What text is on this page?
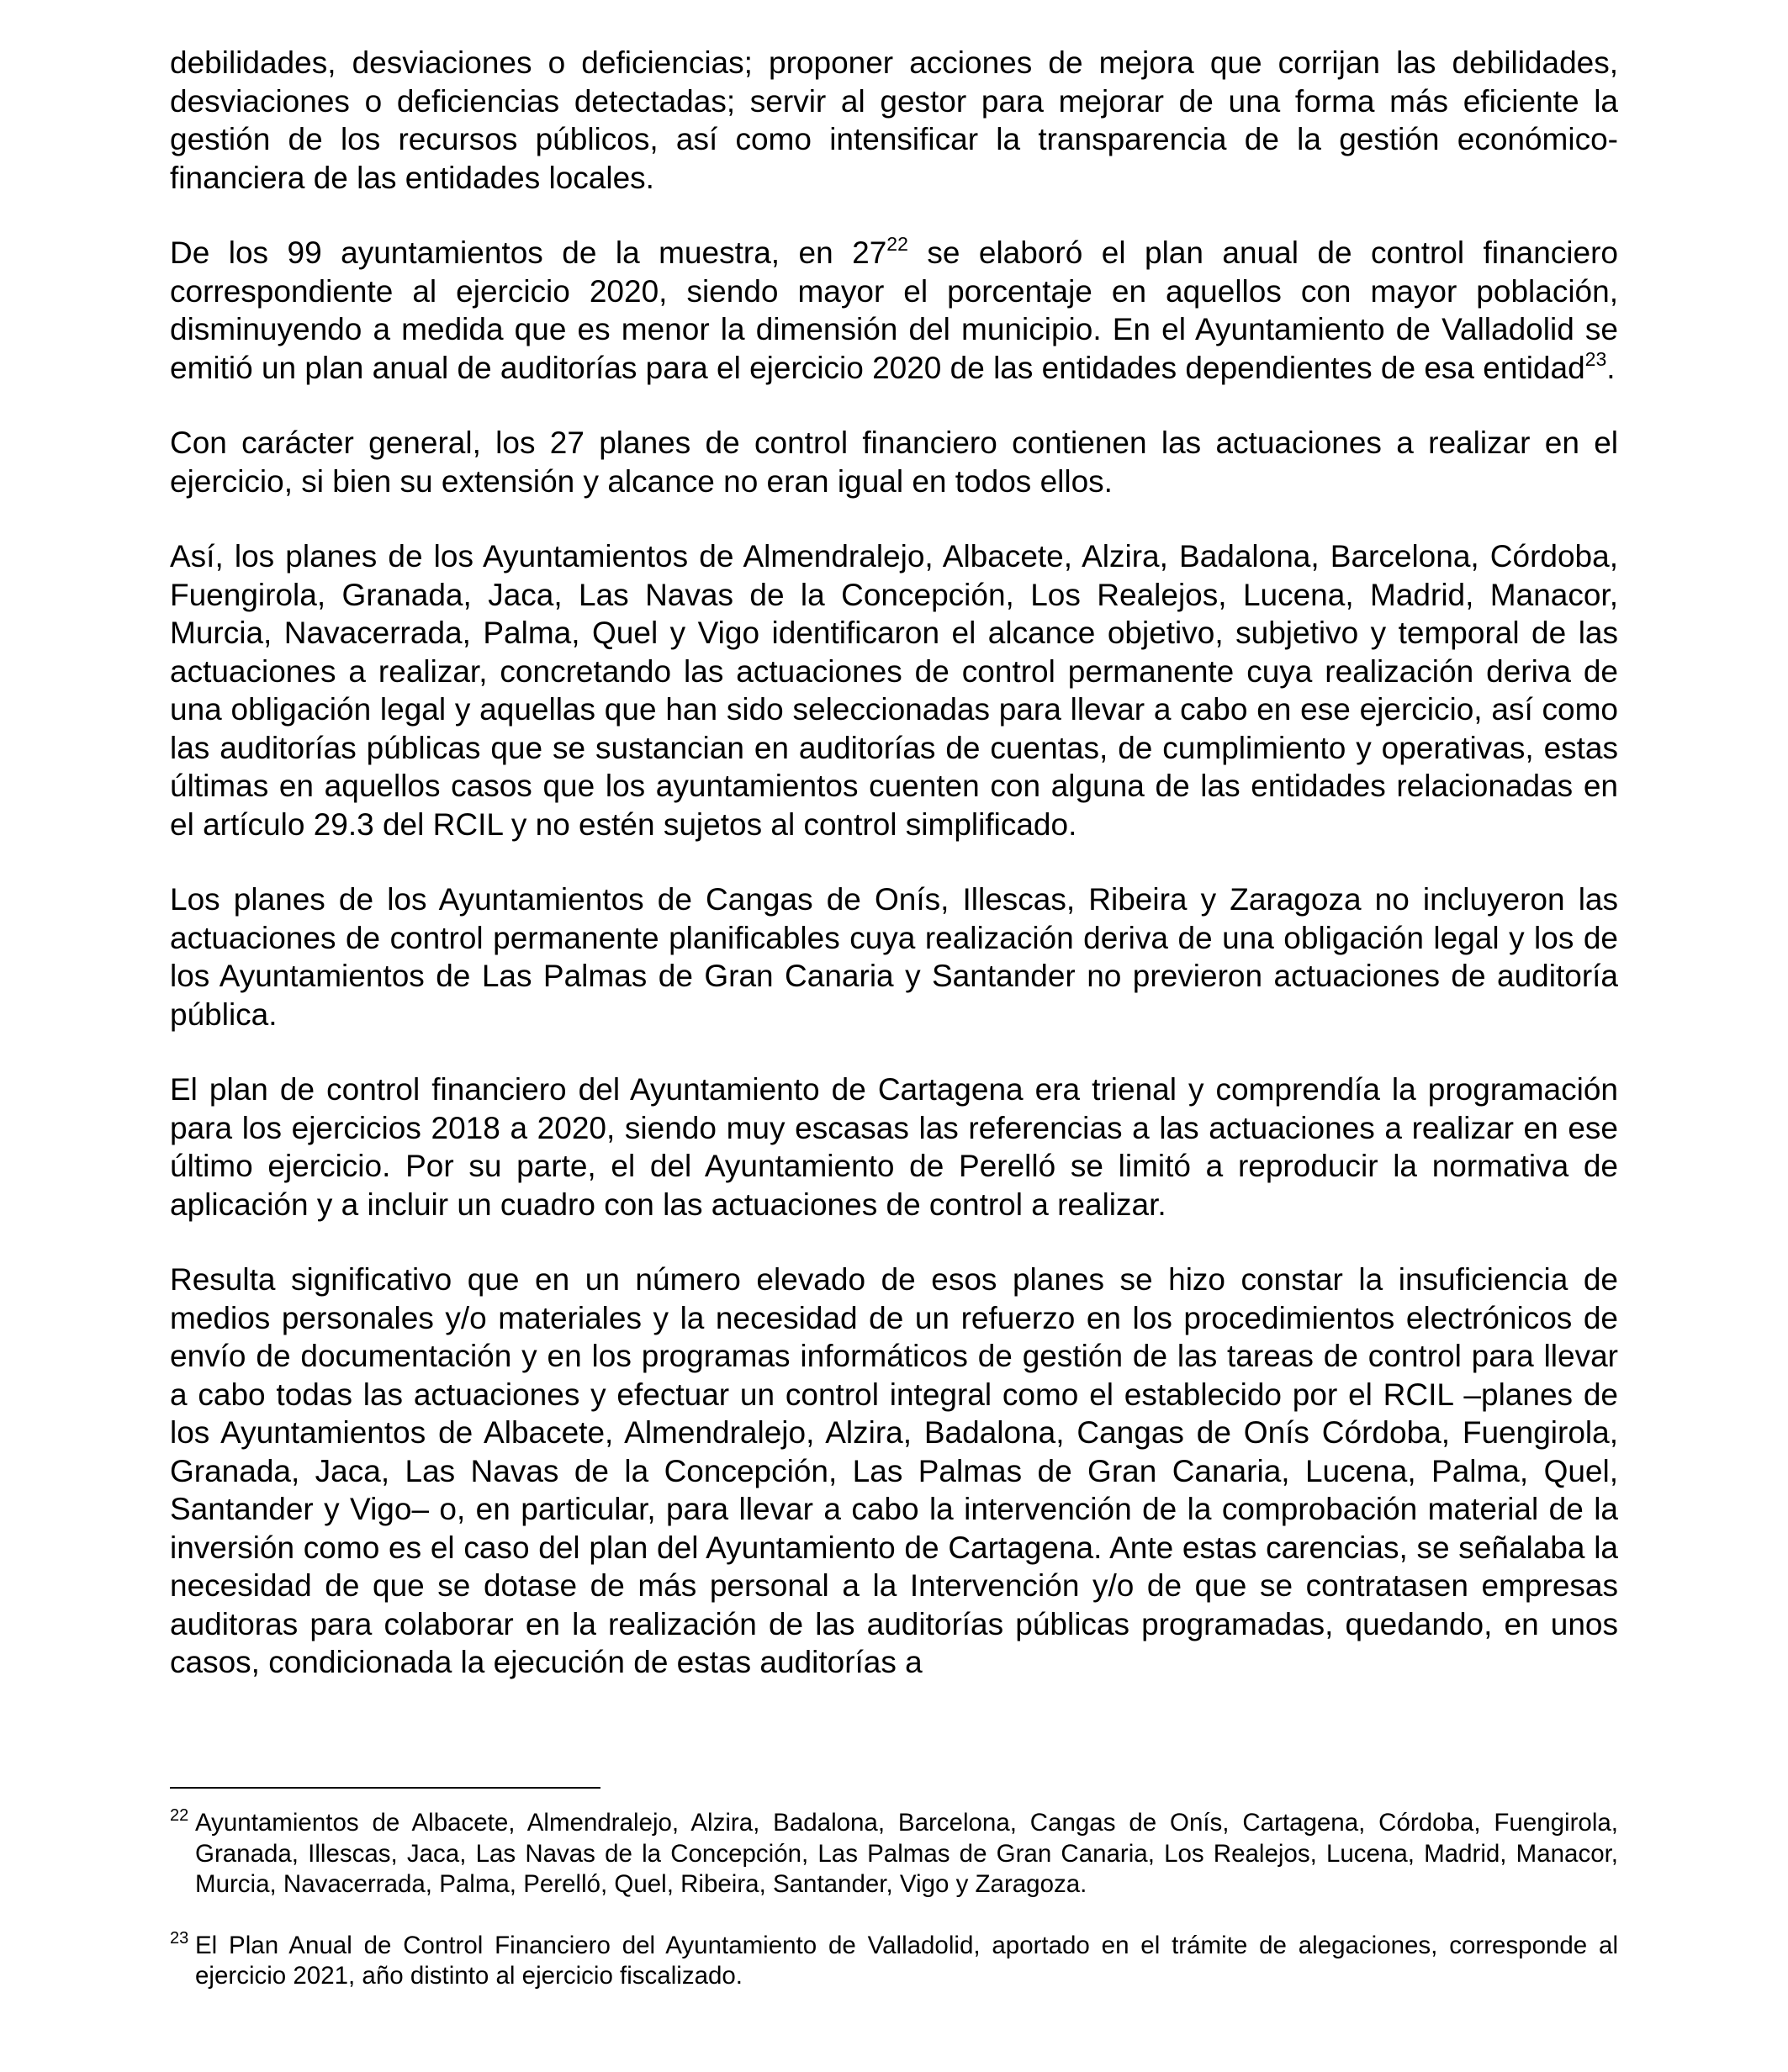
debilidades, desviaciones o deficiencias; proponer acciones de mejora que corrijan las debilidades, desviaciones o deficiencias detectadas; servir al gestor para mejorar de una forma más eficiente la gestión de los recursos públicos, así como intensificar la transparencia de la gestión económico-financiera de las entidades locales.

De los 99 ayuntamientos de la muestra, en $27^{22}$ se elaboró el plan anual de control financiero correspondiente al ejercicio 2020, siendo mayor el porcentaje en aquellos con mayor población, disminuyendo a medida que es menor la dimensión del municipio. En el Ayuntamiento de Valladolid se emitió un plan anual de auditorías para el ejercicio 2020 de las entidades dependientes de esa entidad$^{23}$.

Con carácter general, los 27 planes de control financiero contienen las actuaciones a realizar en el ejercicio, si bien su extensión y alcance no eran igual en todos ellos.

Así, los planes de los Ayuntamientos de Almendralejo, Albacete, Alzira, Badalona, Barcelona, Córdoba, Fuengirola, Granada, Jaca, Las Navas de la Concepción, Los Realejos, Lucena, Madrid, Manacor, Murcia, Navacerrada, Palma, Quel y Vigo identificaron el alcance objetivo, subjetivo y temporal de las actuaciones a realizar, concretando las actuaciones de control permanente cuya realización deriva de una obligación legal y aquellas que han sido seleccionadas para llevar a cabo en ese ejercicio, así como las auditorías públicas que se sustancian en auditorías de cuentas, de cumplimiento y operativas, estas últimas en aquellos casos que los ayuntamientos cuenten con alguna de las entidades relacionadas en el artículo 29.3 del RCIL y no estén sujetos al control simplificado.

Los planes de los Ayuntamientos de Cangas de Onís, Illescas, Ribeira y Zaragoza no incluyeron las actuaciones de control permanente planificables cuya realización deriva de una obligación legal y los de los Ayuntamientos de Las Palmas de Gran Canaria y Santander no previeron actuaciones de auditoría pública.

El plan de control financiero del Ayuntamiento de Cartagena era trienal y comprendía la programación para los ejercicios 2018 a 2020, siendo muy escasas las referencias a las actuaciones a realizar en ese último ejercicio. Por su parte, el del Ayuntamiento de Perelló se limitó a reproducir la normativa de aplicación y a incluir un cuadro con las actuaciones de control a realizar.

Resulta significativo que en un número elevado de esos planes se hizo constar la insuficiencia de medios personales y/o materiales y la necesidad de un refuerzo en los procedimientos electrónicos de envío de documentación y en los programas informáticos de gestión de las tareas de control para llevar a cabo todas las actuaciones y efectuar un control integral como el establecido por el RCIL ‒planes de los Ayuntamientos de Albacete, Almendralejo, Alzira, Badalona, Cangas de Onís Córdoba, Fuengirola, Granada, Jaca, Las Navas de la Concepción, Las Palmas de Gran Canaria, Lucena, Palma, Quel, Santander y Vigo‒ o, en particular, para llevar a cabo la intervención de la comprobación material de la inversión como es el caso del plan del Ayuntamiento de Cartagena. Ante estas carencias, se señalaba la necesidad de que se dotase de más personal a la Intervención y/o de que se contratasen empresas auditoras para colaborar en la realización de las auditorías públicas programadas, quedando, en unos casos, condicionada la ejecución de estas auditorías a

$^{22}$ Ayuntamientos de Albacete, Almendralejo, Alzira, Badalona, Barcelona, Cangas de Onís, Cartagena, Córdoba, Fuengirola, Granada, Illescas, Jaca, Las Navas de la Concepción, Las Palmas de Gran Canaria, Los Realejos, Lucena, Madrid, Manacor, Murcia, Navacerrada, Palma, Perelló, Quel, Ribeira, Santander, Vigo y Zaragoza.

$^{23}$ El Plan Anual de Control Financiero del Ayuntamiento de Valladolid, aportado en el trámite de alegaciones, corresponde al ejercicio 2021, año distinto al ejercicio fiscalizado.
